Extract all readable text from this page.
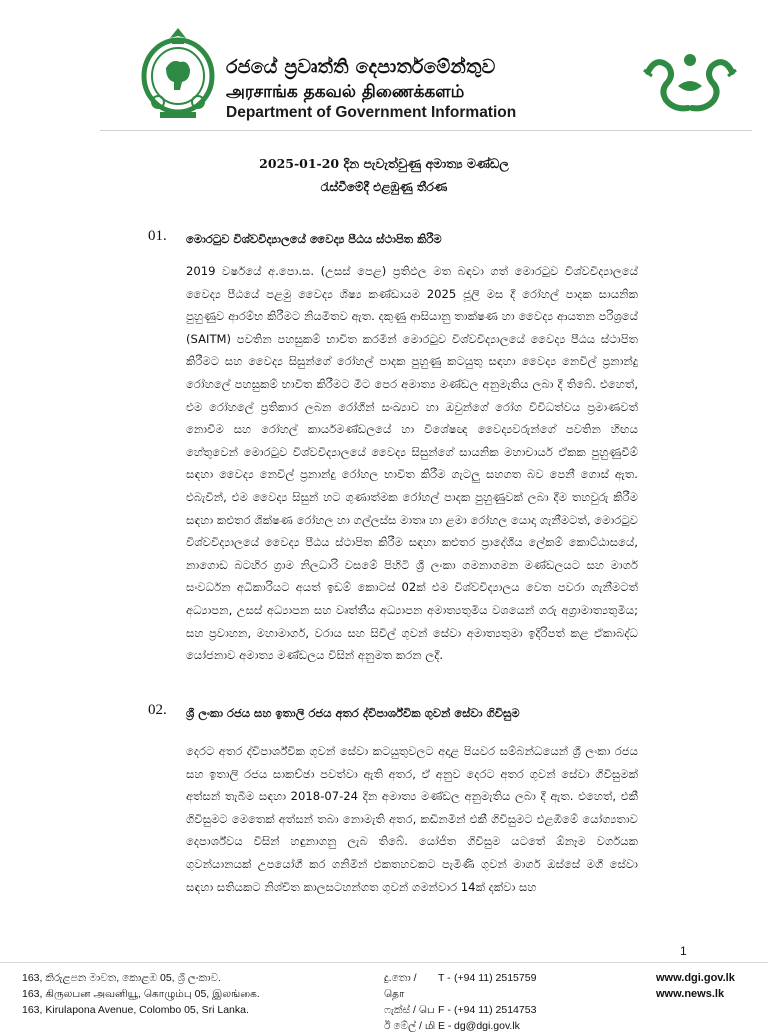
රජයේ ප්‍රවෘත්ති දෙපාර්තමේන්තුව
அரசாங்க தகவல் திணைக்களம்
Department of Government Information
2025-01-20 දින පැවැත්වුණු අමාත්‍ය මණ්ඩල
රැස්වීමේදී එළඹුණු තීරණ
01. මොරටුව විශ්වවිද්‍යාලයේ වෛද්‍ය පීඨය ස්ථාපිත කිරීම
2019 වර්ෂයේ අ.පො.ස. (උසස් පෙළ) ප්‍රතිඵල මත බඳවා ගත් මොරටුව විශ්වවිද්‍යාලයේ වෛද්‍ය පීඨයේ පළමු වෛද්‍ය ශිෂ්‍ය කණ්ඩායම 2025 ජූලි මස දී රෝහල් පාදක සායනික පුහුණුව ආරම්භ කිරීමට නියමිතව ඇත. දකුණු ආසියානු තාක්ෂණ හා වෛද්‍ය ආයතන පරිශ්‍රයේ (SAITM) පවතින පහසුකම් භාවිත කරමින් මොරටුව විශ්වවිද්‍යාලයේ වෛද්‍ය පීඨය ස්ථාපිත කිරීමට සහ වෛද්‍ය සිසුන්ගේ රෝහල් පාදක පුහුණු කටයුතු සඳහා වෛද්‍ය නෙවිල් ප්‍රනාන්දු රෝහලේ පහසුකම් භාවිත කිරීමට මීට පෙර අමාත්‍ය මණ්ඩල අනුමැතිය ලබා දී තිබේ. එහෙත්, එම රෝහලේ ප්‍රතිකාර ලබන රෝගීන් සංඛ්‍යාව හා ඔවුන්ගේ රෝග විවිධත්වය ප්‍රමාණවත් නොවීම සහ රෝහල් කාර්යමණ්ඩලයේ හා විශේෂඥ වෛද්‍යවරුන්ගේ පවතින හිඟය හේතුවෙන් මොරටුව විශ්වවිද්‍යාලයේ වෛද්‍ය සිසුන්ගේ සායනික මහාචාර්ය ඒකක පුහුණුවීම් සඳහා වෛද්‍ය නෙවිල් ප්‍රනාන්දු රෝහල භාවිත කිරීම ගැටලු සහගත බව පෙනී ගොස් ඇත. එබැවින්, එම වෛද්‍ය සිසුන් හට ගුණාත්මක රෝහල් පාදක පුහුණුවක් ලබා දීම තහවුරු කිරීම සඳහා කළුතර ශික්ෂණ රෝහල හා ගල්ලස්ස මාතෘ හා ළමා රෝහල යොදා ගැනීමටත්, මොරටුව විශ්වවිද්‍යාලයේ වෛද්‍ය පීඨය ස්ථාපිත කිරීම සඳහා කළුතර ප්‍රාදේශීය ලේකම් කොට්ඨාසයේ, නාගොඩ බටහිර ග්‍රාම නිලධාරි වසමේ පිහිටි ශ්‍රී ලංකා ගමනාගමන මණ්ඩලයට සහ මාර්ග සංවර්ධන අධිකාරියට අයත් ඉඩම් කොටස් 02ක් එම විශ්වවිද්‍යාලය වෙත පවරා ගැනීමටත් අධ්‍යාපන, උසස් අධ්‍යාපන සහ වෘත්තීය අධ්‍යාපන අමාත්‍යතුමිය වශයෙන් ගරු අග්‍රාමාත්‍යතුමිය; සහ ප්‍රවාහන, මහාමාර්ග, වරාය සහ සිවිල් ගුවන් සේවා අමාත්‍යතුමා ඉදිරිපත් කළ ඒකාබද්ධ යෝජනාව අමාත්‍ය මණ්ඩලය විසින් අනුමත කරන ලදී.
02. ශ්‍රී ලංකා රජය සහ ඉතාලි රජය අතර ද්විපාර්ශ්වික ගුවන් සේවා ගිවිසුම
දෙරට අතර ද්විපාර්ශ්වික ගුවන් සේවා කටයුතුවලට අදාළ පියවර සම්බන්ධයෙන් ශ්‍රී ලංකා රජය සහ ඉතාලි රජය සාකච්ඡා පවත්වා ඇති අතර, ඒ අනුව දෙරට අතර ගුවන් සේවා ගිවිසුමක් අත්සන් තැබීම සඳහා 2018-07-24 දින අමාත්‍ය මණ්ඩල අනුමැතිය ලබා දී ඇත. එහෙත්, එකී ගිවිසුමට මෙතෙක් අත්සන් තබා නොමැති අතර, කඩිනමින් එකී ගිවිසුමට එළඹීමේ යෝග්‍යතාව දෙපාර්ශ්වය විසින් හඳුනාගනු ලැබ තිබේ. යෝජිත ගිවිසුම යටතේ ඕනෑම වර්ගයක ගුවන්යානයක් උපයෝගී කර ගනිමින් එකතහවකට පැමිණි ගුවන් මාර්ග ඔස්සේ මගී සේවා සඳහා සතියකට නිශ්චිත කාලසටහන්ගත ගුවන් ගමන්වාර 14ක් දක්වා සහ
1
163, කිරුළපන මාවත, කොළඹ 05, ශ්‍රී ලංකාව.
163, கிருலபன அவனியூ, கொழும்பு 05, இலங்கை.
163, Kirulapona Avenue, Colombo 05, Sri Lanka.
දු.තො / தொ
T - (+94 11) 2515759
ෆැක්ස් / பெ F - (+94 11) 2514753
ඊ මේල් / மி E - dg@dgi.gov.lk
www.dgi.gov.lk
www.news.lk
